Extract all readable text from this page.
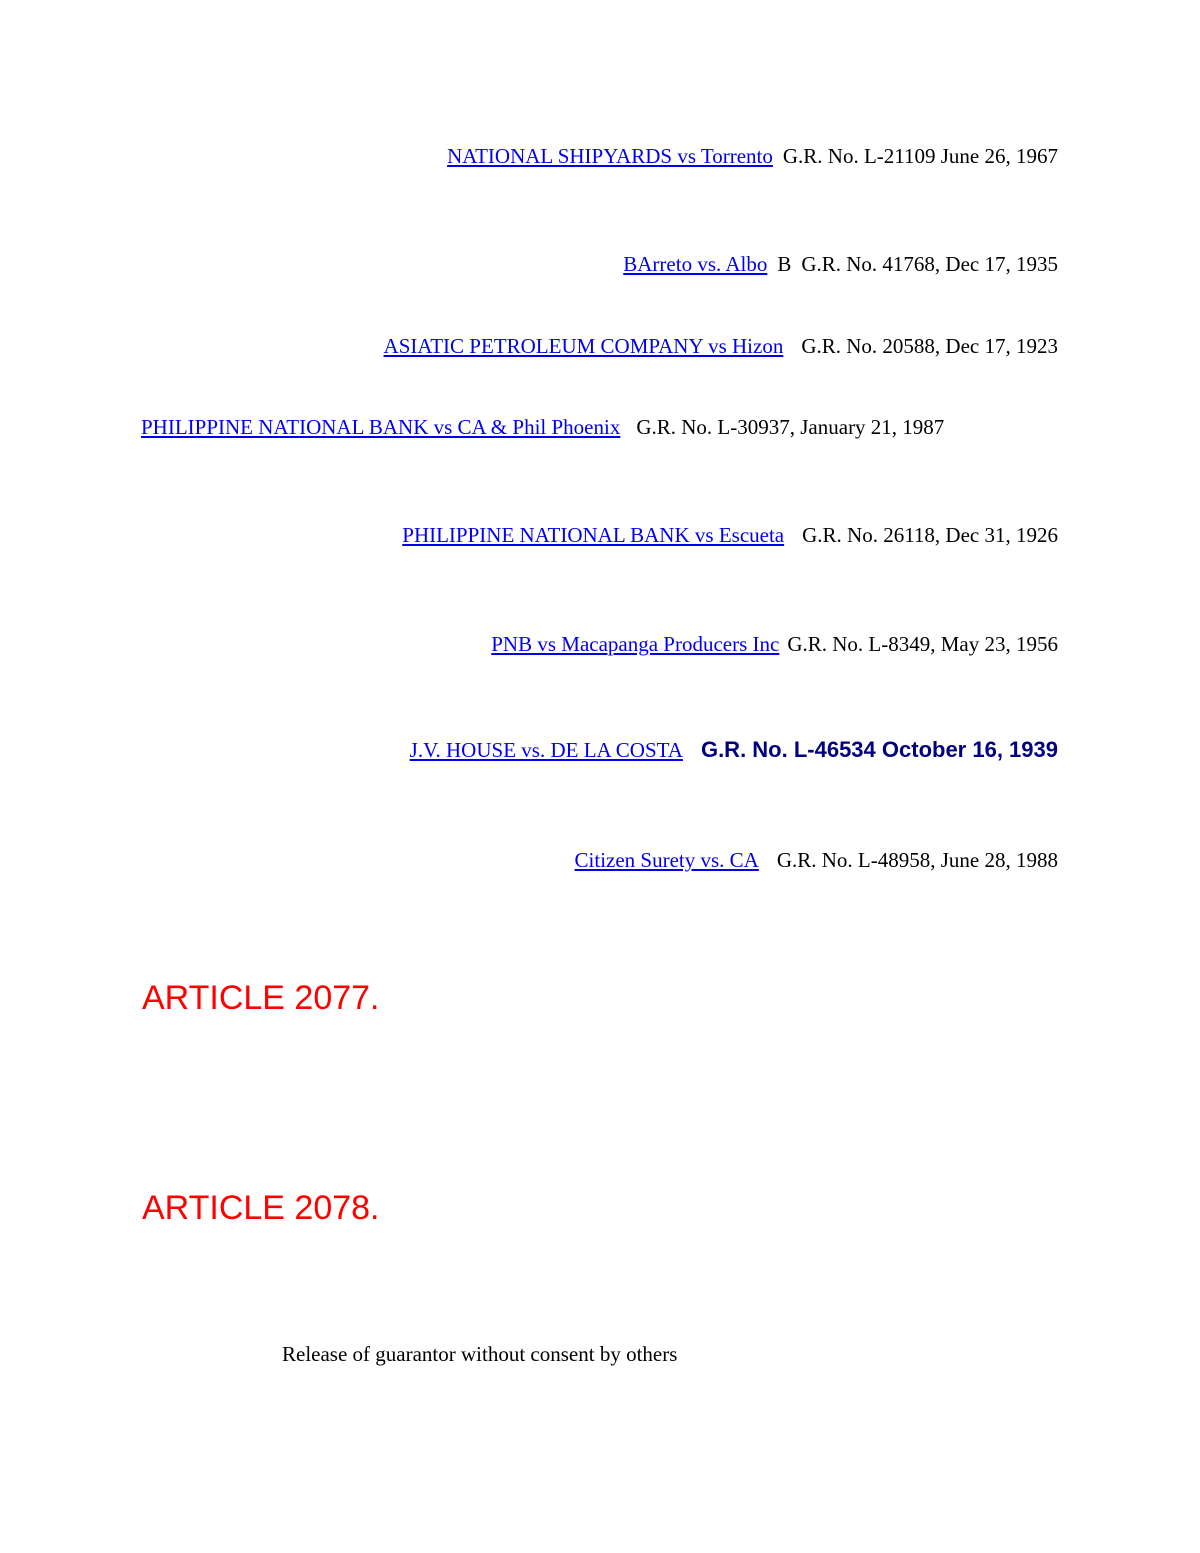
NATIONAL SHIPYARDS vs Torrento G.R. No. L-21109 June 26, 1967
BArreto vs. Albo B G.R. No. 41768, Dec 17, 1935
ASIATIC PETROLEUM COMPANY vs Hizon G.R. No. 20588, Dec 17, 1923
PHILIPPINE NATIONAL BANK vs CA & Phil Phoenix G.R. No. L-30937, January 21, 1987
PHILIPPINE NATIONAL BANK vs Escueta G.R. No. 26118, Dec 31, 1926
PNB vs Macapanga Producers Inc G.R. No. L-8349, May 23, 1956
J.V. HOUSE vs. DE LA COSTA G.R. No. L-46534 October 16, 1939
Citizen Surety vs. CA G.R. No. L-48958, June 28, 1988
ARTICLE 2077.
ARTICLE 2078.
Release of guarantor without consent by others
